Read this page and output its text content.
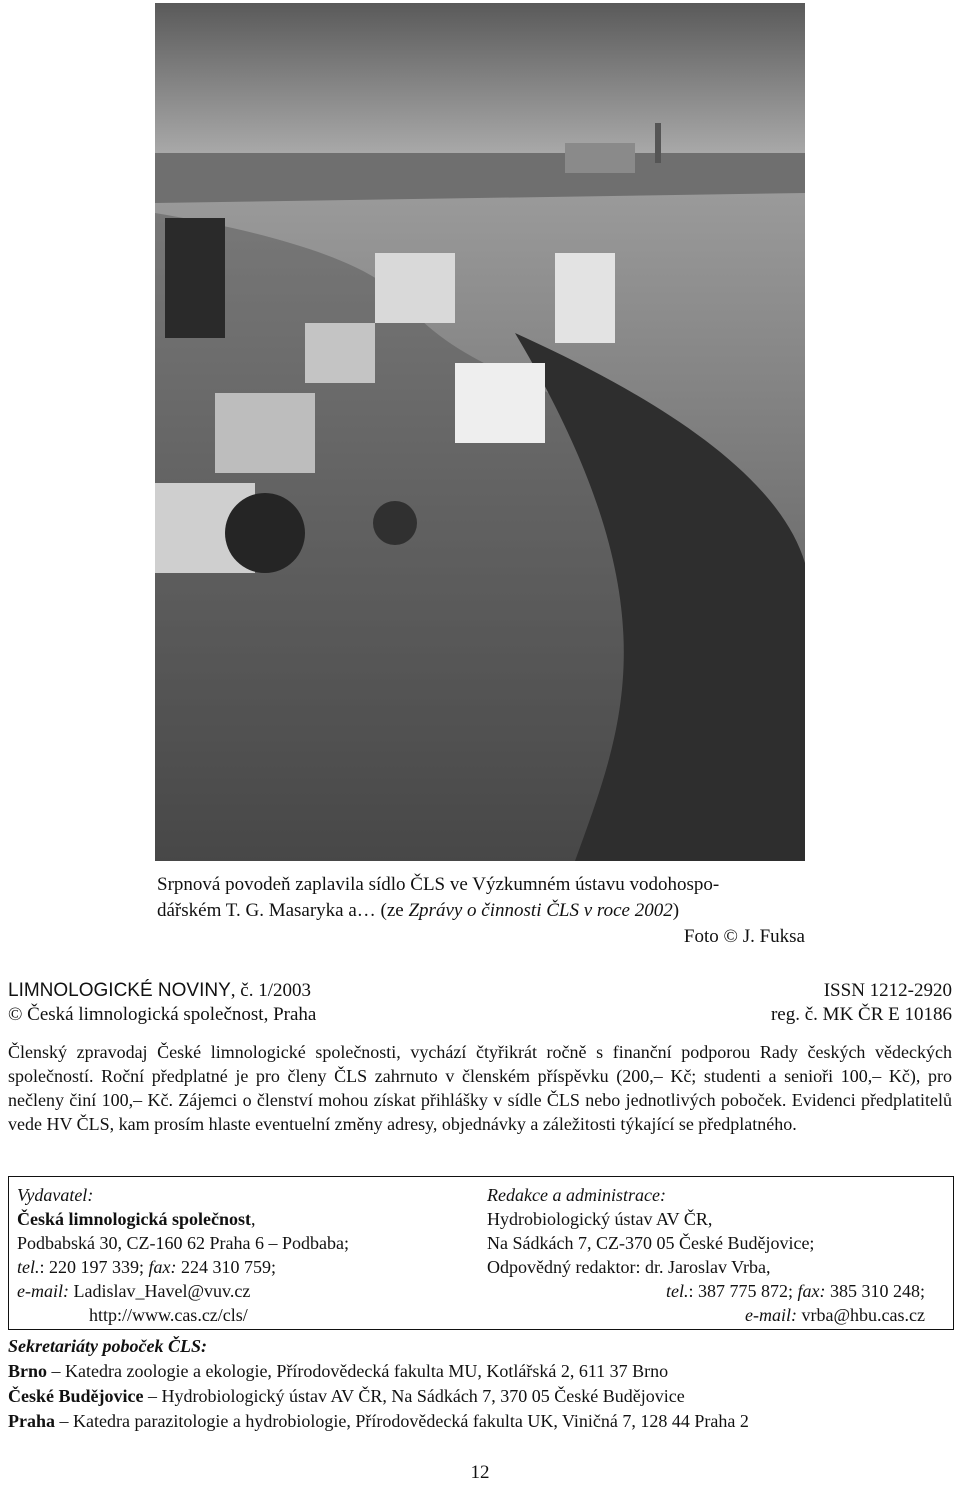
Srpnová povodeň zaplavila sídlo ČLS ve Výzkumném ústavu vodohospo-
dářském T. G. Masaryka a… (ze Zprávy o činnosti ČLS v roce 2002)
Foto © J. Fuksa
LIMNOLOGICKÉ NOVINY, č. 1/2003	ISSN 1212-2920
© Česká limnologická společnost, Praha	reg. č. MK ČR E 10186
Členský zpravodaj České limnologické společnosti, vychází čtyřikrát ročně s finanční podporou Rady českých vědeckých společností. Roční předplatné je pro členy ČLS zahrnuto v členském příspěvku (200,– Kč; studenti a senioři 100,– Kč), pro nečleny činí 100,– Kč. Zájemci o členství mohou získat přihlášky v sídle ČLS nebo jednotlivých poboček. Evidenci předplatitelů vede HV ČLS, kam prosím hlaste eventuelní změny adresy, objednávky a záležitosti týkající se předplatného.
Vydavatel:
Česká limnologická společnost,
Podbabská 30, CZ-160 62 Praha 6 – Podbaba;
tel.: 220 197 339; fax: 224 310 759;
e-mail: Ladislav_Havel@vuv.cz
http://www.cas.cz/cls/
Redakce a administrace:
Hydrobiologický ústav AV ČR,
Na Sádkách 7, CZ-370 05 České Budějovice;
Odpovědný redaktor: dr. Jaroslav Vrba,
tel.: 387 775 872; fax: 385 310 248;
e-mail: vrba@hbu.cas.cz
Sekretariáty poboček ČLS:
Brno – Katedra zoologie a ekologie, Přírodovědecká fakulta MU, Kotlářská 2, 611 37 Brno
České Budějovice – Hydrobiologický ústav AV ČR, Na Sádkách 7, 370 05 České Budějovice
Praha – Katedra parazitologie a hydrobiologie, Přírodovědecká fakulta UK, Viničná 7, 128 44 Praha 2
12
